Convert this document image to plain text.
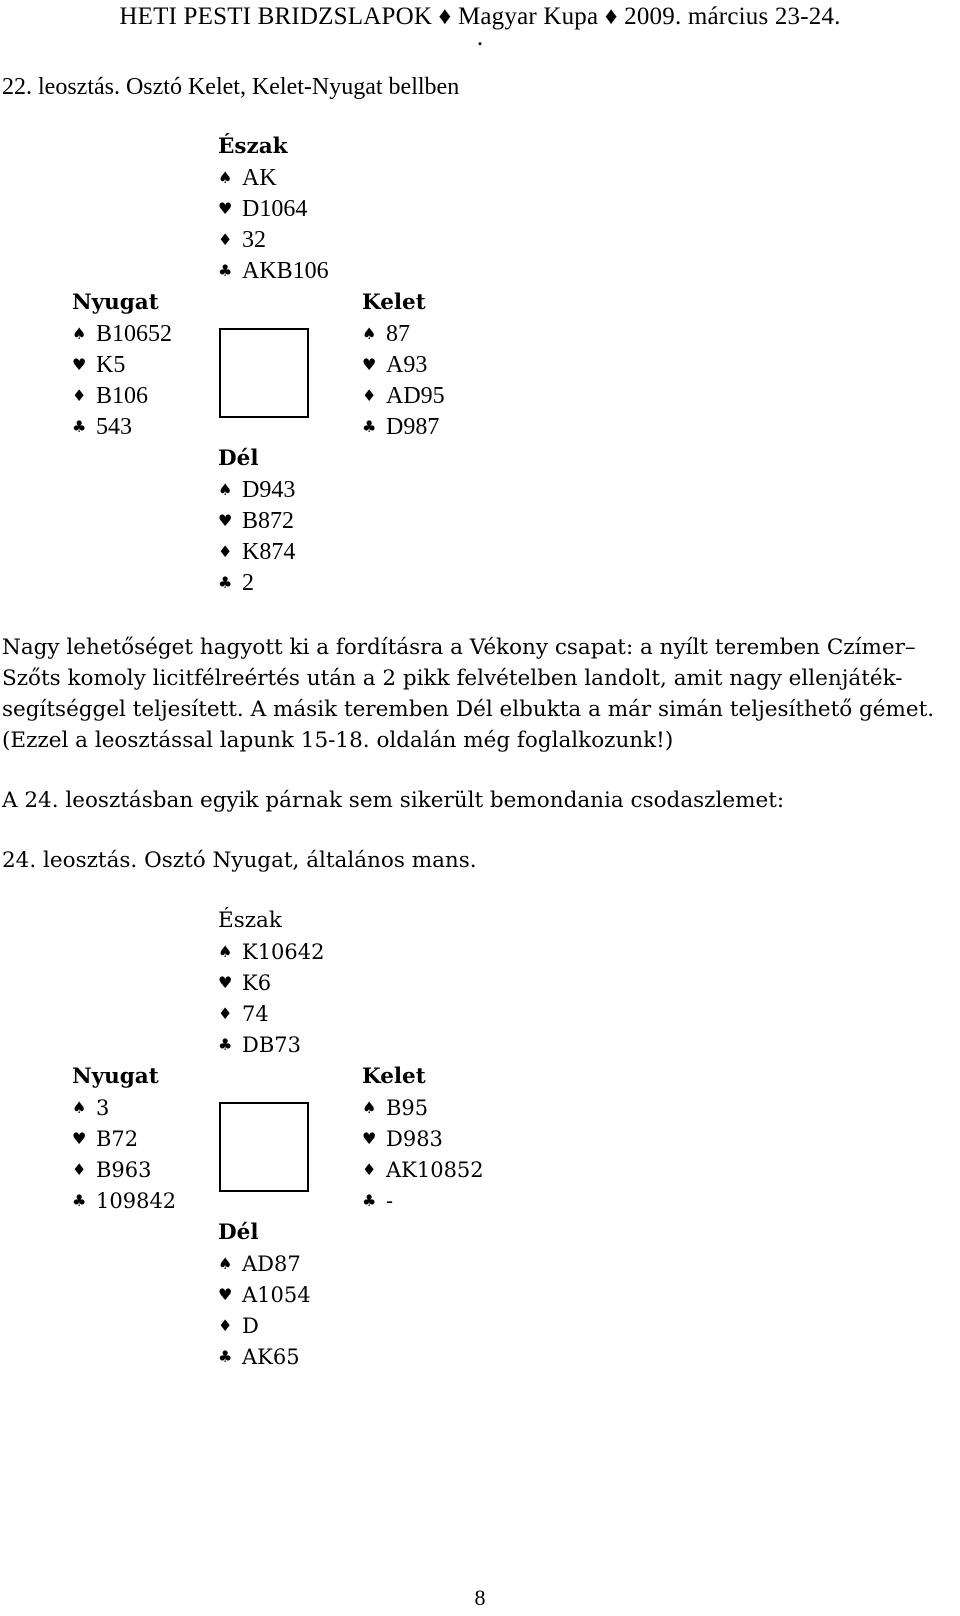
HETI PESTI BRIDZSLAPOK ♦ Magyar Kupa ♦ 2009. március 23-24.
.
22. leosztás. Osztó Kelet, Kelet-Nyugat bellben
Észak
♠ AK
♥ D1064
♦ 32
♣ AKB106
Nyugat
♠ B10652
♥ K5
♦ B106
♣ 543
Kelet
♠ 87
♥ A93
♦ AD95
♣ D987
Dél
♠ D943
♥ B872
♦ K874
♣ 2
Nagy lehetőséget hagyott ki a fordításra a Vékony csapat: a nyílt teremben Czímer–
Szőts komoly licitfélreértés után a 2 pikk felvételben landolt, amit nagy ellenjáték-
segítséggel teljesített. A másik teremben Dél elbukta a már simán teljesíthető gémet.
(Ezzel a leosztással lapunk 15-18. oldalán még foglalkozunk!)
A 24. leosztásban egyik párnak sem sikerült bemondania csodaszlemet:
24. leosztás. Osztó Nyugat, általános mans.
Észak
♠ K10642
♥ K6
♦ 74
♣ DB73
Nyugat
♠ 3
♥ B72
♦ B963
♣ 109842
Kelet
♠ B95
♥ D983
♦ AK10852
♣ -
Dél
♠ AD87
♥ A1054
♦ D
♣ AK65
8
